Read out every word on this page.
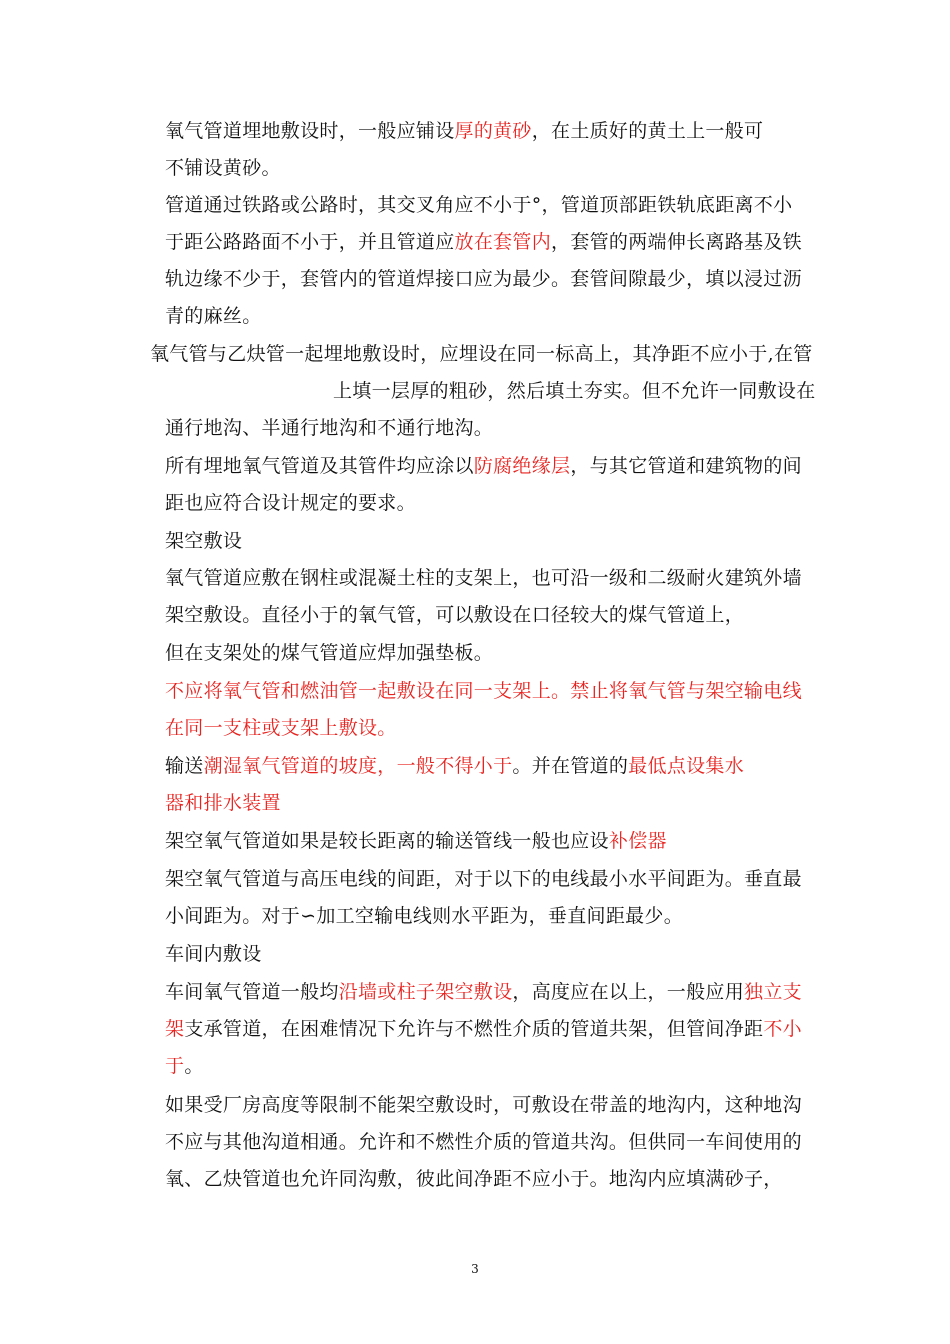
氧气管道埋地敷设时，一般应铺设厚的黄砂，在土质好的黄土上一般可
不铺设黄砂。
管道通过铁路或公路时，其交叉角应不小于°，管道顶部距铁轨底距离不小
于距公路路面不小于，并且管道应放在套管内，套管的两端伸长离路基及铁
轨边缘不少于，套管内的管道焊接口应为最少。套管间隙最少，填以浸过沥
青的麻丝。
氧气管与乙炔管一起埋地敷设时，应埋设在同一标高上，其净距不应小于,在管
上填一层厚的粗砂，然后填土夯实。但不允许一同敷设在
通行地沟、半通行地沟和不通行地沟。
所有埋地氧气管道及其管件均应涂以防腐绝缘层，与其它管道和建筑物的间
距也应符合设计规定的要求。
架空敷设
氧气管道应敷在钢柱或混凝土柱的支架上，也可沿一级和二级耐火建筑外墙
架空敷设。直径小于的氧气管，可以敷设在口径较大的煤气管道上，
但在支架处的煤气管道应焊加强垫板。
不应将氧气管和燃油管一起敷设在同一支架上。禁止将氧气管与架空输电线
在同一支柱或支架上敷设。
输送潮湿氧气管道的坡度，一般不得小于。并在管道的最低点设集水
器和排水装置
架空氧气管道如果是较长距离的输送管线一般也应设补偿器
架空氧气管道与高压电线的间距，对于以下的电线最小水平间距为。垂直最
小间距为。对于∽加工空输电线则水平距为，垂直间距最少。
车间内敷设
车间氧气管道一般均沿墙或柱子架空敷设，高度应在以上，一般应用独立支
架支承管道，在困难情况下允许与不燃性介质的管道共架，但管间净距不小
于。
如果受厂房高度等限制不能架空敷设时，可敷设在带盖的地沟内，这种地沟
不应与其他沟道相通。允许和不燃性介质的管道共沟。但供同一车间使用的
氧、乙炔管道也允许同沟敷，彼此间净距不应小于。地沟内应填满砂子，
3
